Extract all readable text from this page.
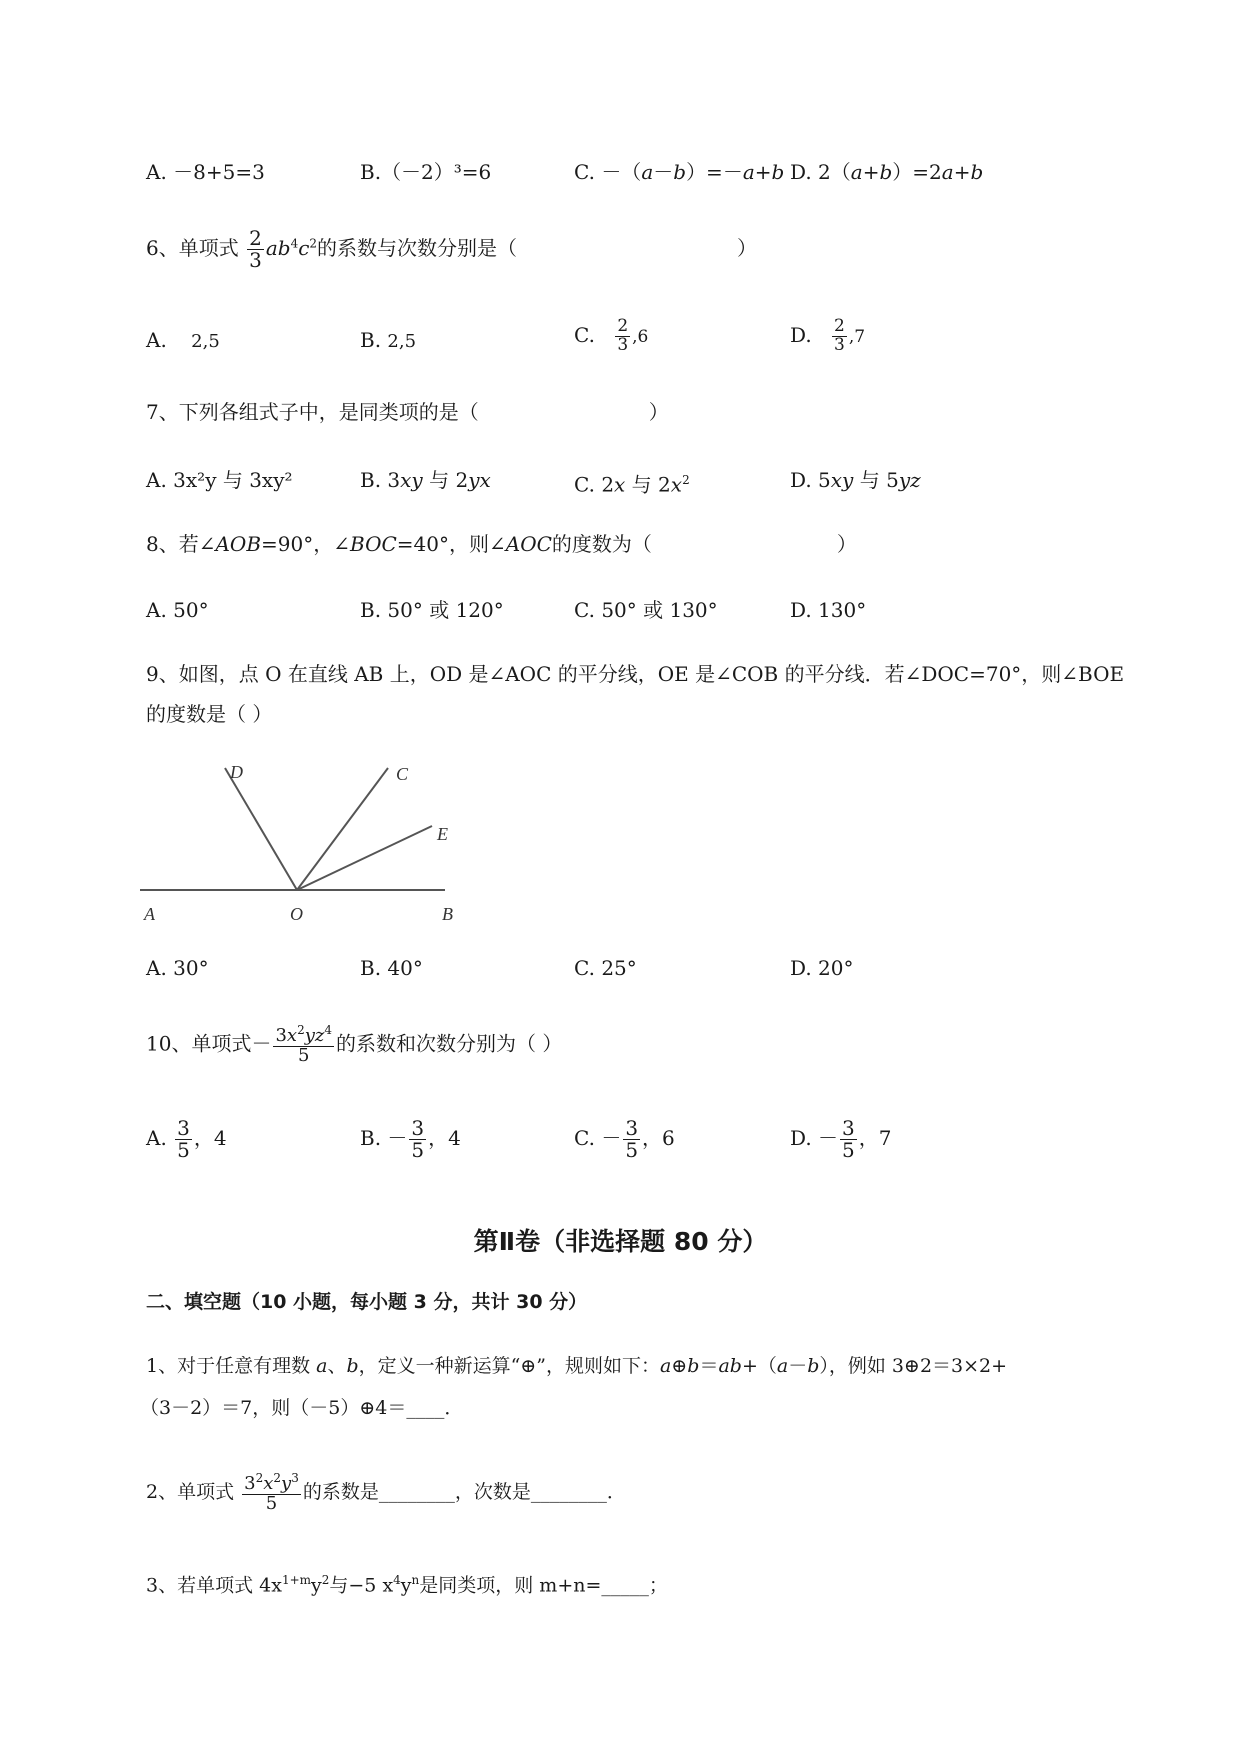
A. －8+5=3	B.（－2）³=6	C. －（a－b）=－a+b D. 2（a+b）=2a+b
6、单项式 $\frac{2}{3} ab^4c^2$的系数与次数分别是（	）
A. 2,5	B. 2,5	C. $\frac{2}{3} ,6$	D. $\frac{2}{3} ,7$
7、下列各组式子中，是同类项的是（	）
A. 3x²y 与 3xy²	B. 3xy 与 2yx	C. 2x 与 $2x^2$	D. 5xy 与 5yz
8、若∠AOB=90°，∠BOC=40°，则∠AOC的度数为（	）
A. 50°	B. 50° 或 120°	C. 50° 或 130°	D. 130°
9、如图，点 O 在直线 AB 上，OD 是∠AOC 的平分线，OE 是∠COB 的平分线．若∠DOC=70°，则∠BOE
的度数是（ ）
A	O	B
C
D
E
A. 30°	B. 40°	C. 25°	D. 20°
10、单项式－ $\frac{3x^2yz^4}{5}$ 的系数和次数分别为（ ）
A. $\frac{3}{5}$ ，4	B. － $\frac{3}{5}$ ，4	C. － $\frac{3}{5}$ ，6	D. － $\frac{3}{5}$ ，7
第Ⅱ卷（非选择题 80 分）
二、填空题（10 小题，每小题 3 分，共计 30 分）
1、对于任意有理数 a、b，定义一种新运算“⊕”，规则如下：a⊕b＝ab+（a－b），例如 3⊕2＝3×2+
（3－2）＝7，则（－5）⊕4＝____．
2、单项式 $\frac{3^2x^2y^3}{5}$ 的系数是________，次数是________．
3、若单项式 $4x^{1+m}y^2$与−5 $x^4y^n$是同类项，则 m+n=_____；
